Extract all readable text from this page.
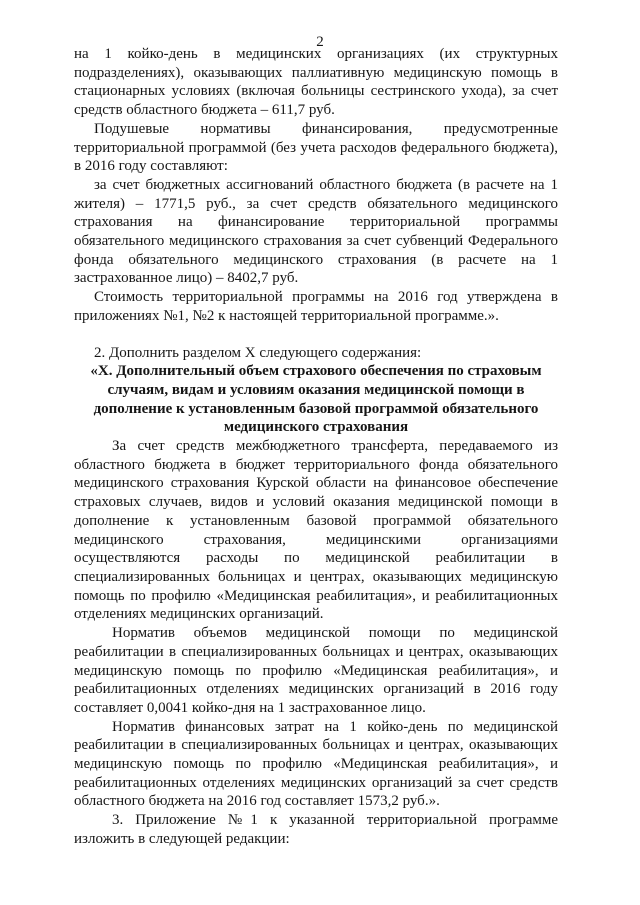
2

на 1 койко-день в медицинских организациях (их структурных подразделениях), оказывающих паллиативную медицинскую помощь в стационарных условиях (включая больницы сестринского ухода), за счет средств областного бюджета – 611,7 руб.

Подушевые нормативы финансирования, предусмотренные территориальной программой (без учета расходов федерального бюджета), в 2016 году составляют:

за счет бюджетных ассигнований областного бюджета (в расчете на 1 жителя) – 1771,5 руб., за счет средств обязательного медицинского страхования на финансирование территориальной программы обязательного медицинского страхования за счет субвенций Федерального фонда обязательного медицинского страхования (в расчете на 1 застрахованное лицо) – 8402,7 руб.

Стоимость территориальной программы на 2016 год утверждена в приложениях №1, №2 к настоящей территориальной программе.».

2. Дополнить разделом Х следующего содержания:

«Х. Дополнительный объем страхового обеспечения по страховым случаям, видам и условиям оказания медицинской помощи в дополнение к установленным базовой программой обязательного медицинского страхования

За счет средств межбюджетного трансферта, передаваемого из областного бюджета в бюджет территориального фонда обязательного медицинского страхования Курской области на финансовое обеспечение страховых случаев, видов и условий оказания медицинской помощи в дополнение к установленным базовой программой обязательного медицинского страхования, медицинскими организациями осуществляются расходы по медицинской реабилитации в специализированных больницах и центрах, оказывающих медицинскую помощь по профилю «Медицинская реабилитация», и реабилитационных отделениях медицинских организаций.

Норматив объемов медицинской помощи по медицинской реабилитации в специализированных больницах и центрах, оказывающих медицинскую помощь по профилю «Медицинская реабилитация», и реабилитационных отделениях медицинских организаций в 2016 году составляет 0,0041 койко-дня на 1 застрахованное лицо.

Норматив финансовых затрат на 1 койко-день по медицинской реабилитации в специализированных больницах и центрах, оказывающих медицинскую помощь по профилю «Медицинская реабилитация», и реабилитационных отделениях медицинских организаций за счет средств областного бюджета на 2016 год составляет 1573,2 руб.».

3. Приложение №1 к указанной территориальной программе изложить в следующей редакции:
